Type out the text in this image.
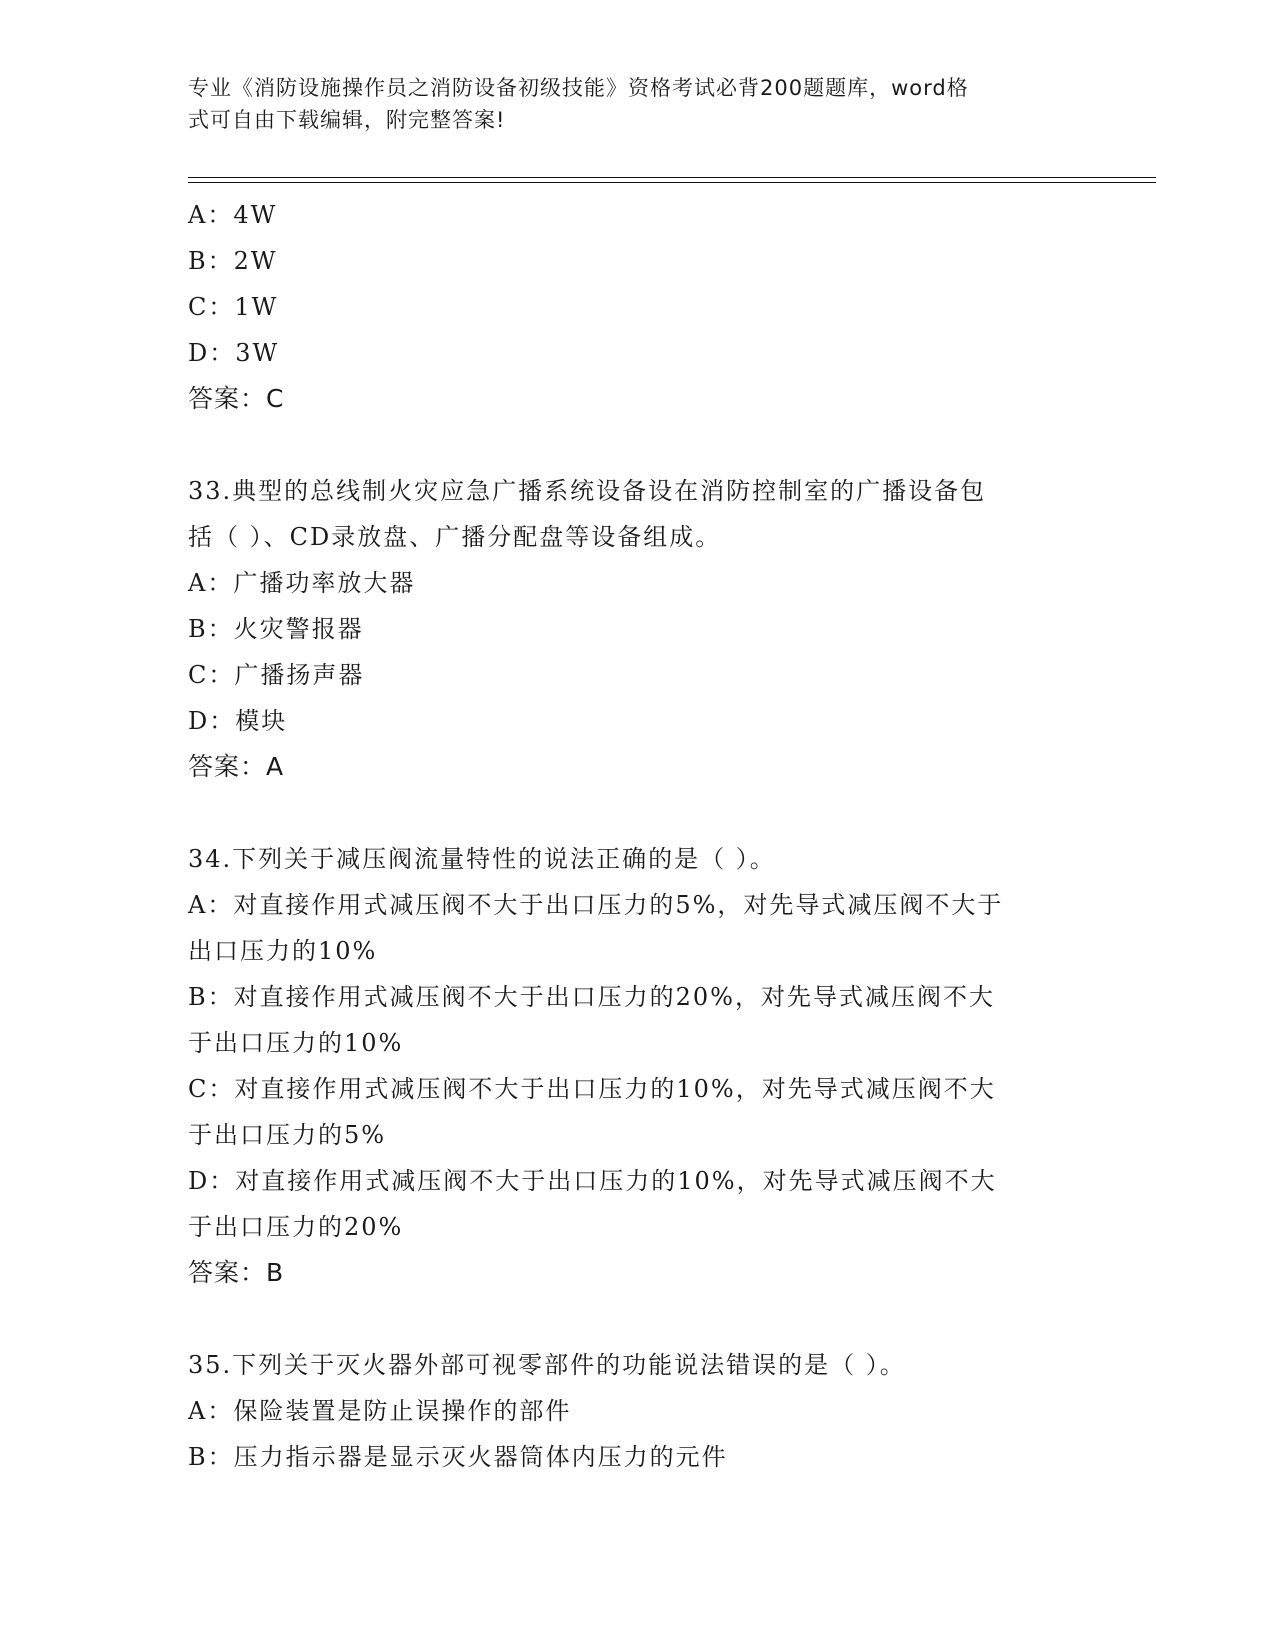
专业《消防设施操作员之消防设备初级技能》资格考试必背200题题库，word格
式可自由下载编辑，附完整答案!
A：4W
B：2W
C：1W
D：3W
答案：C
33.典型的总线制火灾应急广播系统设备设在消防控制室的广播设备包
括（ ）、CD录放盘、广播分配盘等设备组成。
A：广播功率放大器
B：火灾警报器
C：广播扬声器
D：模块
答案：A
34.下列关于减压阀流量特性的说法正确的是（ ）。
A：对直接作用式减压阀不大于出口压力的5%，对先导式减压阀不大于
出口压力的10%
B：对直接作用式减压阀不大于出口压力的20%，对先导式减压阀不大
于出口压力的10%
C：对直接作用式减压阀不大于出口压力的10%，对先导式减压阀不大
于出口压力的5%
D：对直接作用式减压阀不大于出口压力的10%，对先导式减压阀不大
于出口压力的20%
答案：B
35.下列关于灭火器外部可视零部件的功能说法错误的是（ ）。
A：保险装置是防止误操作的部件
B：压力指示器是显示灭火器筒体内压力的元件
